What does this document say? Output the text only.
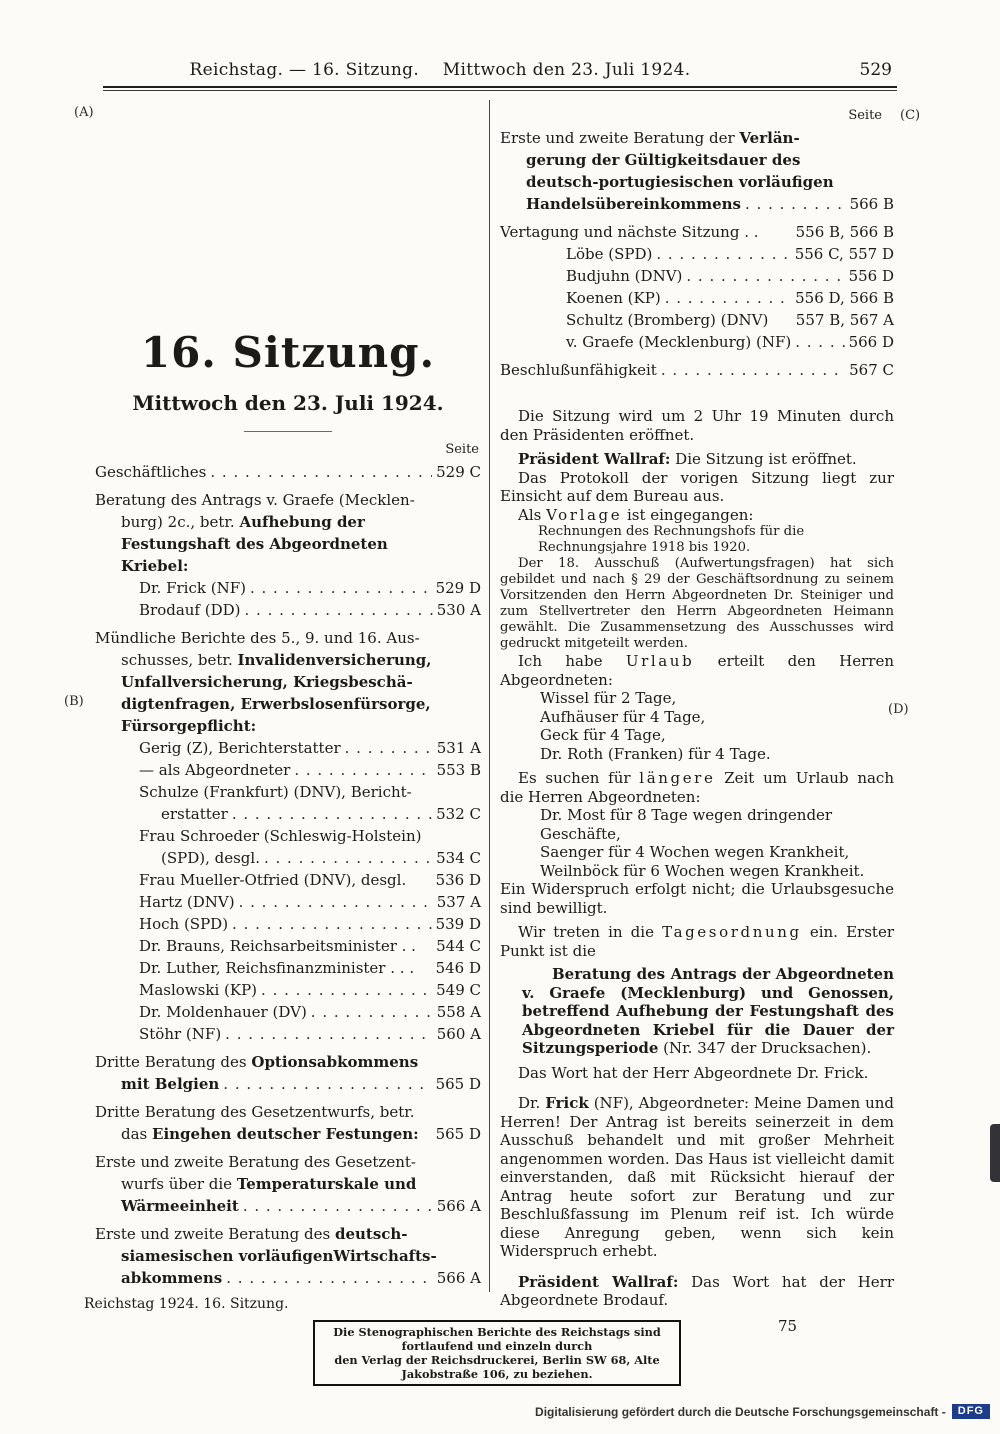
Reichstag. — 16. Sitzung. Mittwoch den 23. Juli 1924.	529
(A)
(B)
(C)
(D)
16. Sitzung.
Mittwoch den 23. Juli 1924.
Seite
Geschäftliches . . .	529 C
Beratung des Antrags v. Graefe (Mecklen-
burg) 2c., betr. Aufhebung der
Festungshaft des Abgeordneten
Kriebel:
Dr. Frick (NF) . . .	529 D
Brodauf (DD) . . .	530 A
Mündliche Berichte des 5., 9. und 16. Aus-
schusses, betr. Invalidenversicherung,
Unfallversicherung, Kriegsbeschä-
digtenfragen, Erwerbslosenfürsorge,
Fürsorgepflicht:
Gerig (Z), Berichterstatter . . .	531 A
— als Abgeordneter . . .	553 B
Schulze (Frankfurt) (DNV), Bericht-
erstatter . . .	532 C
Frau Schroeder (Schleswig-Holstein)
(SPD), desgl. . . .	534 C
Frau Mueller-Otfried (DNV), desgl. 536 D
Hartz (DNV) . . .	537 A
Hoch (SPD) . . .	539 D
Dr. Brauns, Reichsarbeitsminister . . 544 C
Dr. Luther, Reichsfinanzminister . . . 546 D
Maslowski (KP) . . .	549 C
Dr. Moldenhauer (DV) . . .	558 A
Stöhr (NF) . . .	560 A
Dritte Beratung des Optionsabkommens
mit Belgien . . .	565 D
Dritte Beratung des Gesetzentwurfs, betr.
das Eingehen deutscher Festungen: 565 D
Erste und zweite Beratung des Gesetzent-
wurfs über die Temperaturskale und
Wärmeeinheit . . .	566 A
Erste und zweite Beratung des deutsch-
siamesischen vorläufigenWirtschafts-
abkommens . . .	566 A
Seite
Erste und zweite Beratung der Verlän-
gerung der Gültigkeitsdauer des
deutsch-portugiesischen vorläufigen
Handelsübereinkommens . . .	566 B
Vertagung und nächste Sitzung . . 556 B, 566 B
Löbe (SPD) . . .	556 C, 557 D
Budjuhn (DNV) . . .	556 D
Koenen (KP) . . .	556 D, 566 B
Schultz (Bromberg) (DNV) 557 B, 567 A
v. Graefe (Mecklenburg) (NF) . . .	566 D
Beschlußunfähigkeit . . .	567 C

Die Sitzung wird um 2 Uhr 19 Minuten durch den Präsidenten eröffnet.

Präsident Wallraf: Die Sitzung ist eröffnet.

Das Protokoll der vorigen Sitzung liegt zur Einsicht auf dem Bureau aus.

Als Vorlage ist eingegangen:

Rechnungen des Rechnungshofs für die Rechnungsjahre 1918 bis 1920.

Der 18. Ausschuß (Aufwertungsfragen) hat sich gebildet und nach § 29 der Geschäftsordnung zu seinem Vorsitzenden den Herrn Abgeordneten Dr. Steiniger und zum Stellvertreter den Herrn Abgeordneten Heimann gewählt. Die Zusammensetzung des Ausschusses wird gedruckt mitgeteilt werden.

Ich habe Urlaub erteilt den Herren Abgeordneten:

Wissel für 2 Tage,

Aufhäuser für 4 Tage,

Geck für 4 Tage,

Dr. Roth (Franken) für 4 Tage.

Es suchen für längere Zeit um Urlaub nach die Herren Abgeordneten:

Dr. Most für 8 Tage wegen dringender Geschäfte,

Saenger für 4 Wochen wegen Krankheit,

Weilnböck für 6 Wochen wegen Krankheit.

Ein Widerspruch erfolgt nicht; die Urlaubsgesuche sind bewilligt.

Wir treten in die Tagesordnung ein. Erster Punkt ist die

Beratung des Antrags der Abgeordneten v. Graefe (Mecklenburg) und Genossen, betreffend Aufhebung der Festungshaft des Abgeordneten Kriebel für die Dauer der Sitzungsperiode (Nr. 347 der Drucksachen).

Das Wort hat der Herr Abgeordnete Dr. Frick.

Dr. Frick (NF), Abgeordneter: Meine Damen und Herren! Der Antrag ist bereits seinerzeit in dem Ausschuß behandelt und mit großer Mehrheit angenommen worden. Das Haus ist vielleicht damit einverstanden, daß mit Rücksicht hierauf der Antrag heute sofort zur Beratung und zur Beschlußfassung im Plenum reif ist. Ich würde diese Anregung geben, wenn sich kein Widerspruch erhebt.

Präsident Wallraf: Das Wort hat der Herr Abgeordnete Brodauf.

75
Reichstag 1924. 16. Sitzung.
Die Stenographischen Berichte des Reichstags sind fortlaufend und einzeln durch
den Verlag der Reichsdruckerei, Berlin SW 68, Alte Jakobstraße 106, zu beziehen.
Digitalisierung gefördert durch die Deutsche Forschungsgemeinschaft -	DFG
